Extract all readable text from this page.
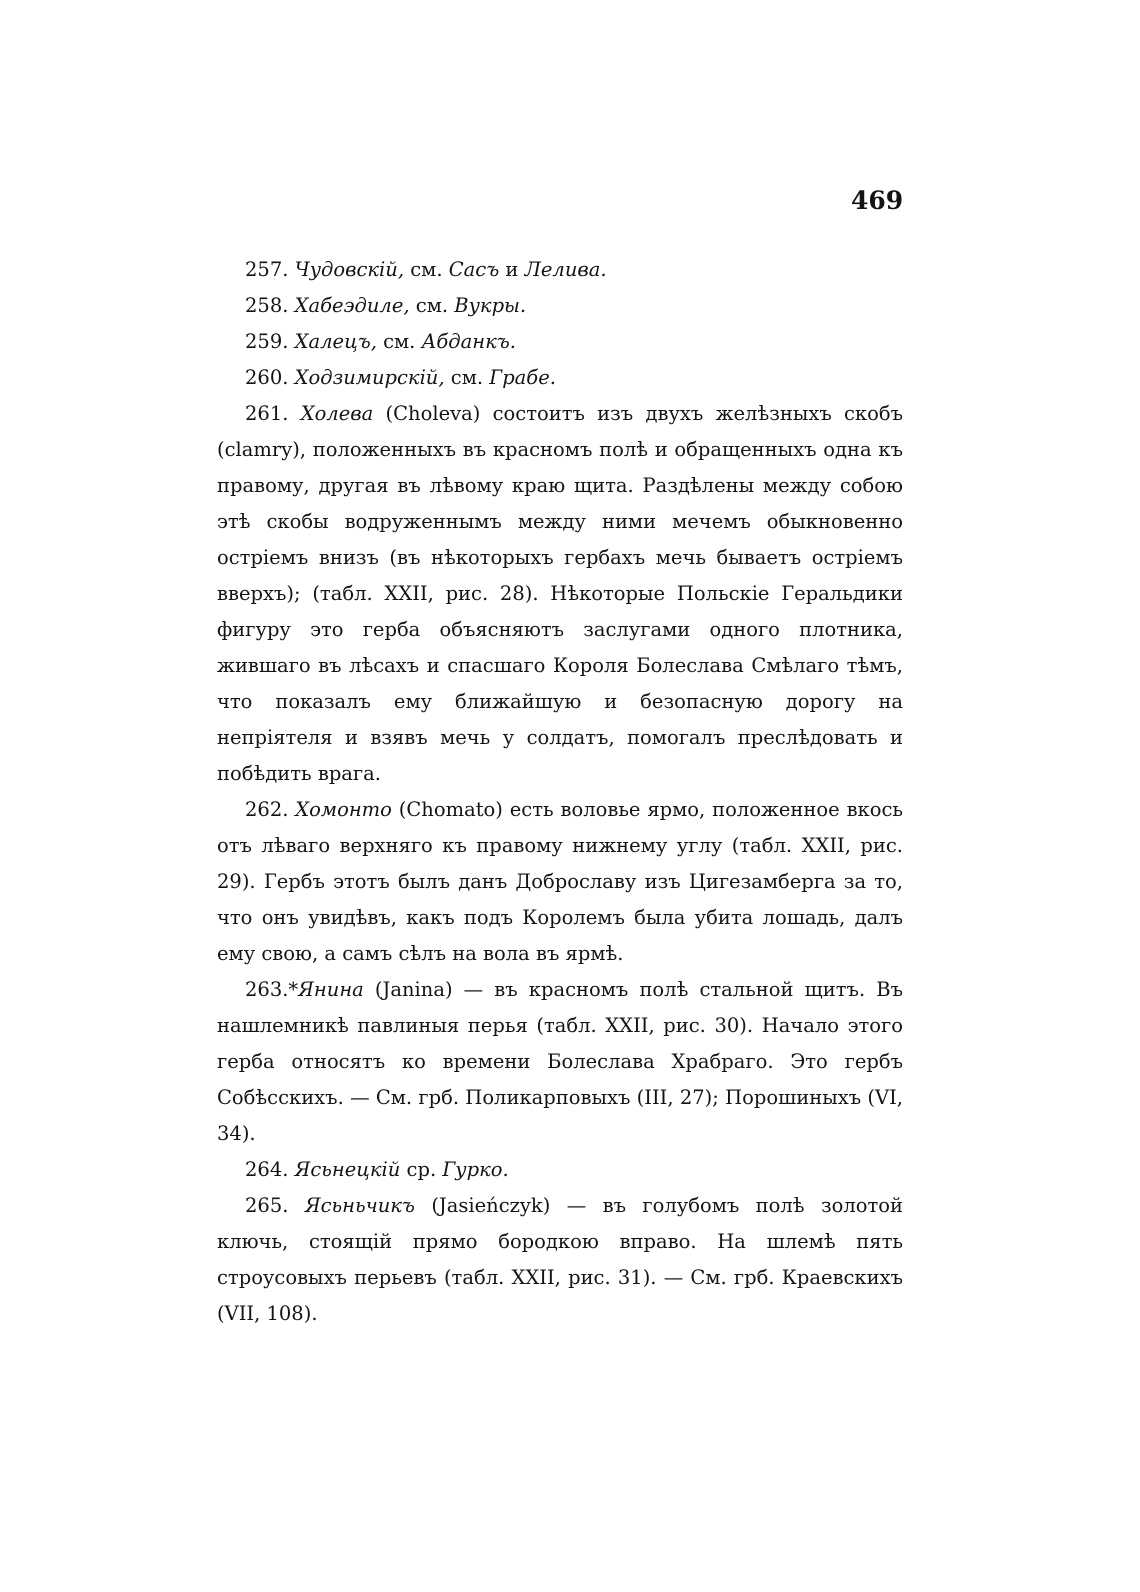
469

257. Чудовскій, см. Сасъ и Лелива.

258. Хабеэдиле, см. Вукры.

259. Халецъ, см. Абданкъ.

260. Ходзимирскій, см. Грабе.

261. Холева (Choleva) состоитъ изъ двухъ желѣзныхъ скобъ (clamry), положенныхъ въ красномъ полѣ и обращенныхъ одна къ правому, другая въ лѣвому краю щита. Раздѣлены между собою этѣ скобы водруженнымъ между ними мечемъ обыкновенно остріемъ внизъ (въ нѣкоторыхъ гербахъ мечь бываетъ остріемъ вверхъ); (табл. XXII, рис. 28). Нѣкоторые Польскіе Геральдики фигуру это герба объясняютъ заслугами одного плотника, жившаго въ лѣсахъ и спасшаго Короля Болеслава Смѣлаго тѣмъ, что показалъ ему ближайшую и безопасную дорогу на непріятеля и взявъ мечь у солдатъ, помогалъ преслѣдовать и побѣдить врага.

262. Хомонто (Chomato) есть воловье ярмо, положенное вкось отъ лѣваго верхняго къ правому нижнему углу (табл. XXII, рис. 29). Гербъ этотъ былъ данъ Доброславу изъ Цигезамберга за то, что онъ увидѣвъ, какъ подъ Королемъ была убита лошадь, далъ ему свою, а самъ сѣлъ на вола въ ярмѣ.

263.*Янина (Janina) — въ красномъ полѣ стальной щитъ. Въ нашлемникѣ павлиныя перья (табл. XXII, рис. 30). Начало этого герба относятъ ко времени Болеслава Храбраго. Это гербъ Собѣсскихъ. — См. грб. Поликарповыхъ (III, 27); Порошиныхъ (VI, 34).

264. Ясьнецкій ср. Гурко.

265. Ясьньчикъ (Jasieńczyk) — въ голубомъ полѣ золотой ключь, стоящій прямо бородкою вправо. На шлемѣ пять строусовыхъ перьевъ (табл. XXII, рис. 31). — См. грб. Краевскихъ (VII, 108).
